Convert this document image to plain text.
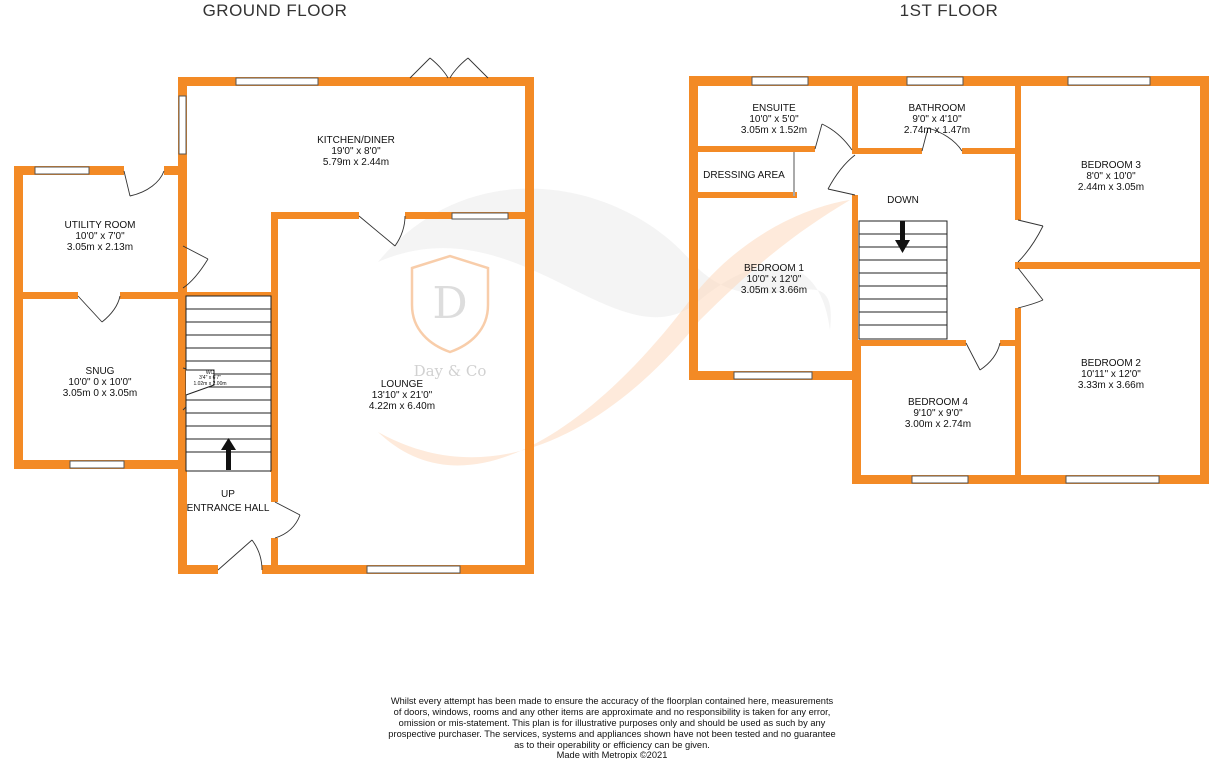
D
Day & Co
GROUND FLOOR	1ST FLOOR
KITCHEN/DINER
19'0" x 8'0"
5.79m x 2.44m
UTILITY ROOM
10'0" x 7'0"
3.05m x 2.13m
SNUG
10'0" 0 x 10'0"
3.05m 0 x 3.05m
WC
3'4" x 6'7"
1.02m x 2.00m	LOUNGE
13'10" x 21'0"
4.22m x 6.40m
UP
ENTRANCE HALL
ENSUITE
10'0" x 5'0"
3.05m x 1.52m
BATHROOM
9'0" x 4'10"
2.74m x 1.47m
DRESSING AREA
DOWN
BEDROOM 3
8'0" x 10'0"
2.44m x 3.05m
BEDROOM 1
10'0" x 12'0"
3.05m x 3.66m
BEDROOM 2
10'11" x 12'0"
3.33m x 3.66m
BEDROOM 4
9'10" x 9'0"
3.00m x 2.74m
Whilst every attempt has been made to ensure the accuracy of the floorplan contained here, measurements
of doors, windows, rooms and any other items are approximate and no responsibility is taken for any error,
omission or mis-statement. This plan is for illustrative purposes only and should be used as such by any
prospective purchaser. The services, systems and appliances shown have not been tested and no guarantee
as to their operability or efficiency can be given.
Made with Metropix ©2021
